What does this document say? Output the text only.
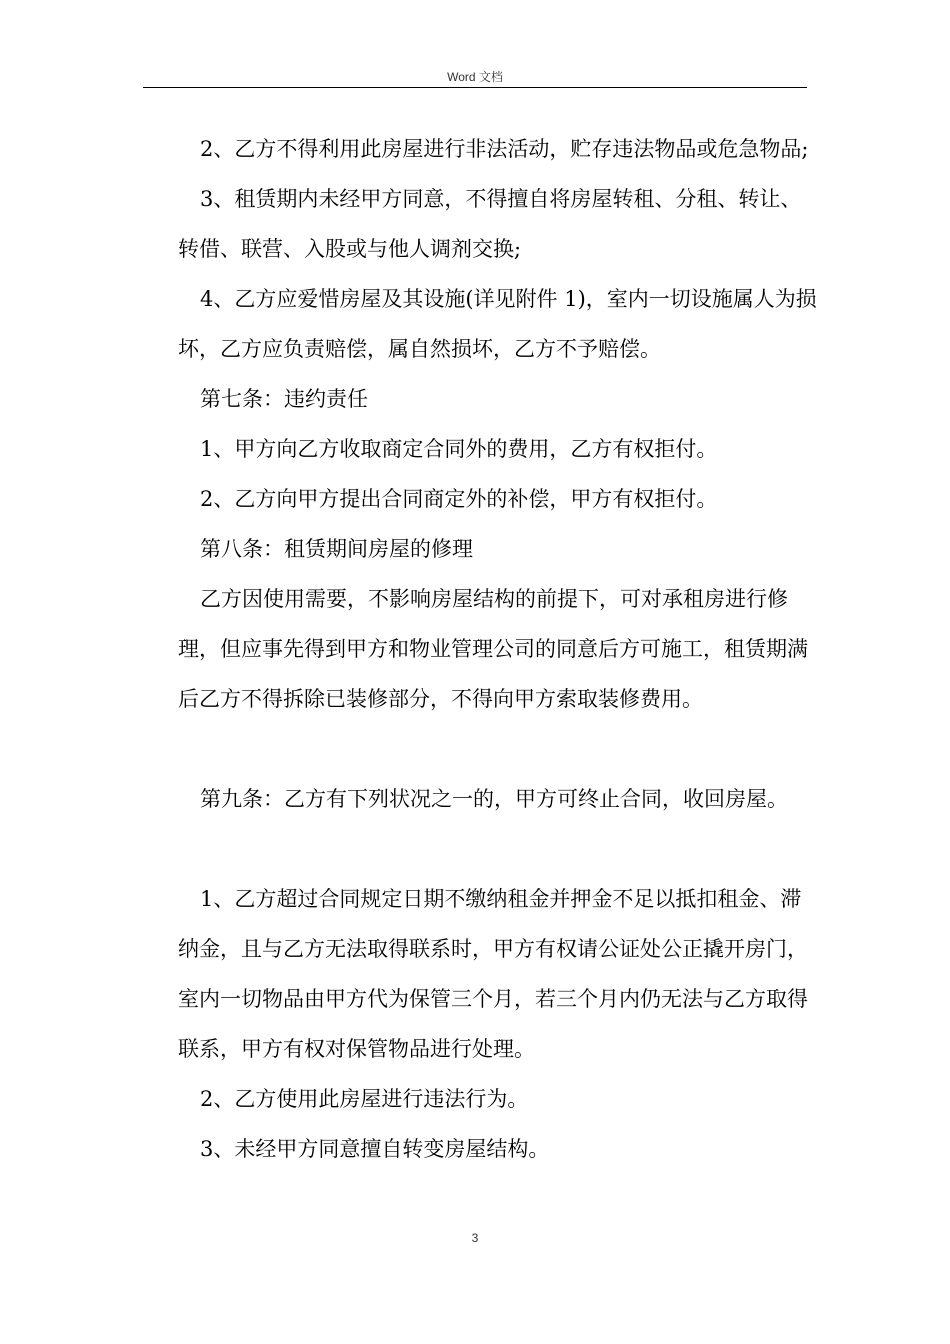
Word 文档

2、乙方不得利用此房屋进行非法活动，贮存违法物品或危急物品;

3、租赁期内未经甲方同意，不得擅自将房屋转租、分租、转让、转借、联营、入股或与他人调剂交换;

4、乙方应爱惜房屋及其设施(详见附件 1)，室内一切设施属人为损坏，乙方应负责赔偿，属自然损坏，乙方不予赔偿。

第七条：违约责任

1、甲方向乙方收取商定合同外的费用，乙方有权拒付。

2、乙方向甲方提出合同商定外的补偿，甲方有权拒付。

第八条：租赁期间房屋的修理

乙方因使用需要，不影响房屋结构的前提下，可对承租房进行修理，但应事先得到甲方和物业管理公司的同意后方可施工，租赁期满后乙方不得拆除已装修部分，不得向甲方索取装修费用。

第九条：乙方有下列状况之一的，甲方可终止合同，收回房屋。

1、乙方超过合同规定日期不缴纳租金并押金不足以抵扣租金、滞纳金，且与乙方无法取得联系时，甲方有权请公证处公正撬开房门，室内一切物品由甲方代为保管三个月，若三个月内仍无法与乙方取得联系，甲方有权对保管物品进行处理。

2、乙方使用此房屋进行违法行为。

3、未经甲方同意擅自转变房屋结构。

3
